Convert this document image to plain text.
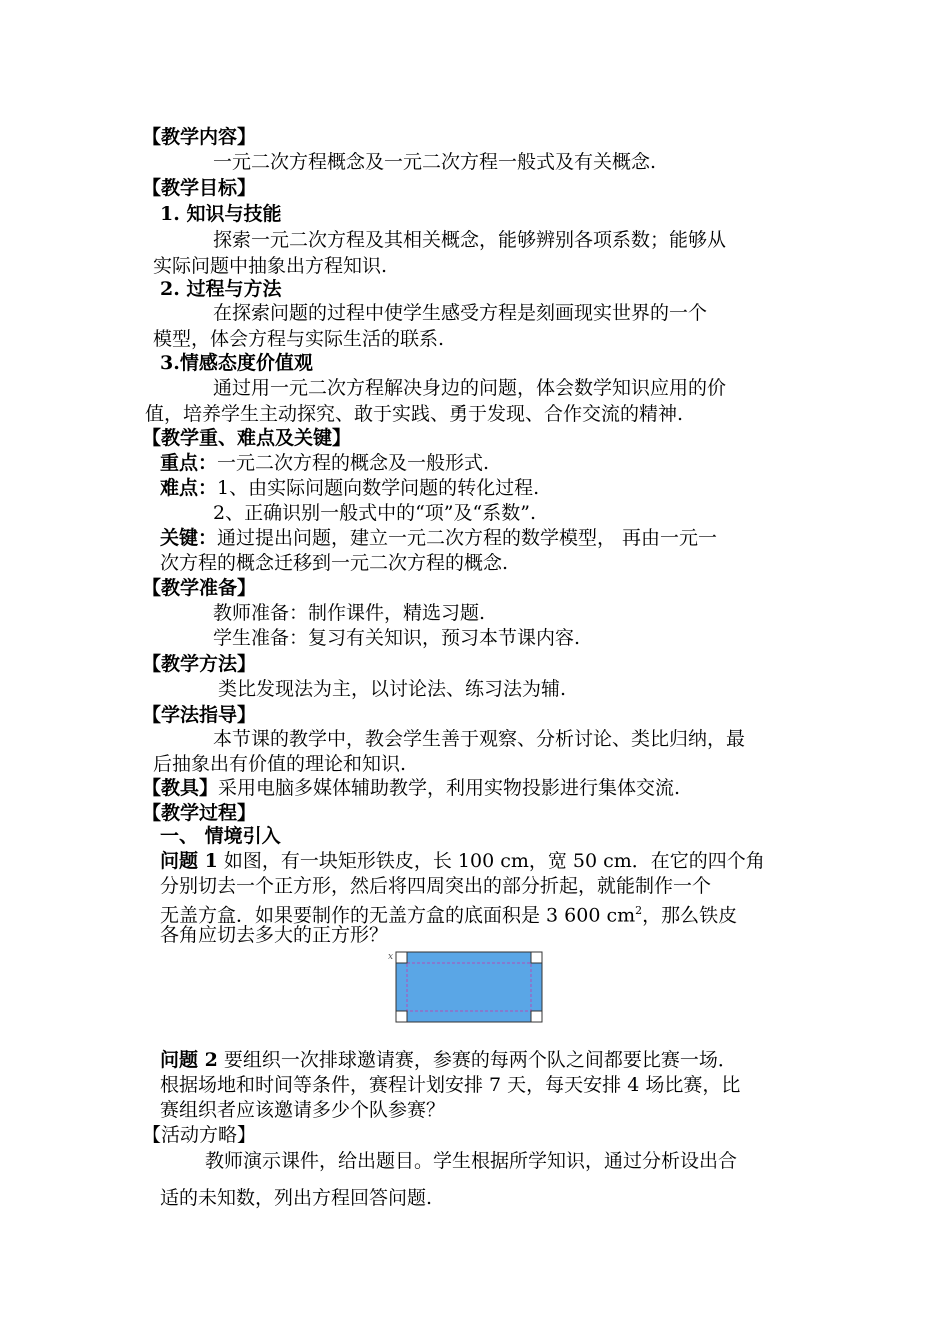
【教学内容】
一元二次方程概念及一元二次方程一般式及有关概念.
【教学目标】
1. 知识与技能
探索一元二次方程及其相关概念，能够辨别各项系数；能够从
实际问题中抽象出方程知识.
2. 过程与方法
在探索问题的过程中使学生感受方程是刻画现实世界的一个
模型，体会方程与实际生活的联系.
3.情感态度价值观
通过用一元二次方程解决身边的问题，体会数学知识应用的价
值，培养学生主动探究、敢于实践、勇于发现、合作交流的精神.
【教学重、难点及关键】
重点：一元二次方程的概念及一般形式.
难点：1、由实际问题向数学问题的转化过程.
2、正确识别一般式中的“项”及“系数”.
关键：通过提出问题，建立一元二次方程的数学模型， 再由一元一
次方程的概念迁移到一元二次方程的概念.
【教学准备】
教师准备：制作课件，精选习题.
学生准备：复习有关知识，预习本节课内容.
【教学方法】
类比发现法为主，以讨论法、练习法为辅.
【学法指导】
本节课的教学中，教会学生善于观察、分析讨论、类比归纳，最
后抽象出有价值的理论和知识.
【教具】采用电脑多媒体辅助教学，利用实物投影进行集体交流.
【教学过程】
一、 情境引入
问题 1 如图，有一块矩形铁皮，长 100 cm，宽 50 cm．在它的四个角
分别切去一个正方形，然后将四周突出的部分折起，就能制作一个
无盖方盒．如果要制作的无盖方盒的底面积是 3 600 $cm^2$，那么铁皮
各角应切去多大的正方形？
x
问题 2 要组织一次排球邀请赛，参赛的每两个队之间都要比赛一场．
根据场地和时间等条件，赛程计划安排 7 天，每天安排 4 场比赛，比
赛组织者应该邀请多少个队参赛？
【活动方略】
教师演示课件，给出题目。学生根据所学知识，通过分析设出合
适的未知数，列出方程回答问题.
